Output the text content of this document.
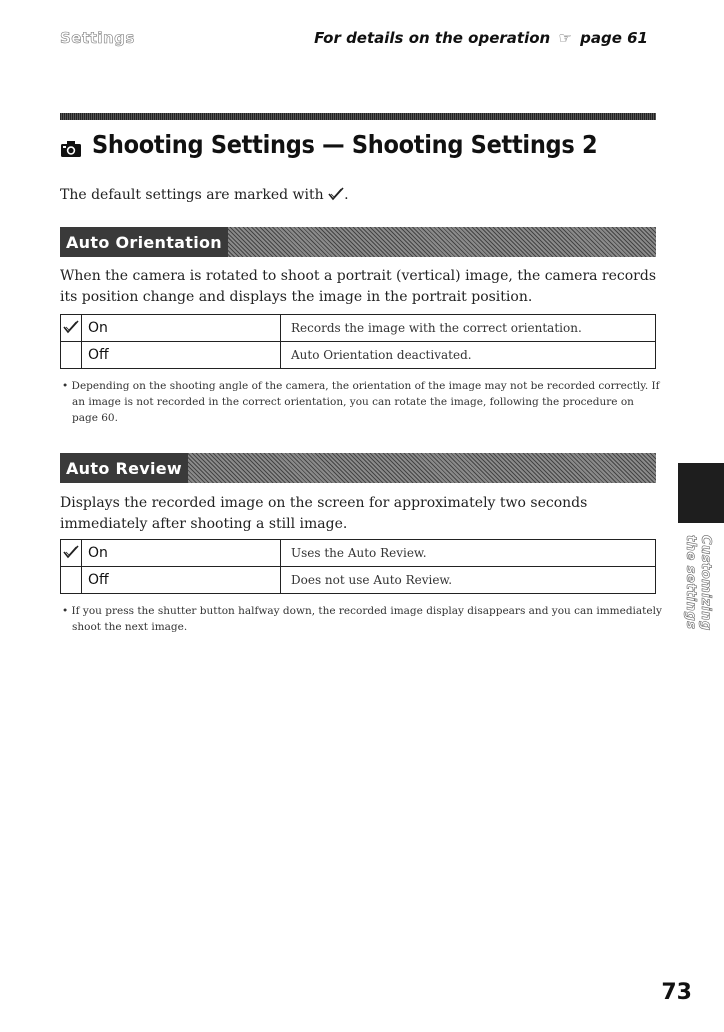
Settings	For details on the operation ☞ page 61
Shooting Settings — Shooting Settings 2
The default settings are marked with .
Auto Orientation

When the camera is rotated to shoot a portrait (vertical) image, the camera records its position change and displays the image in the portrait position.

	On	Records the image with the correct orientation.
	Off	Auto Orientation deactivated.

• Depending on the shooting angle of the camera, the orientation of the image may not be recorded correctly. If an image is not recorded in the correct orientation, you can rotate the image, following the procedure on page 60.

Auto Review

Displays the recorded image on the screen for approximately two seconds immediately after shooting a still image.

	On	Uses the Auto Review.
	Off	Does not use Auto Review.

• If you press the shutter button halfway down, the recorded image display disappears and you can immediately shoot the next image.	Customizing the settings
73
